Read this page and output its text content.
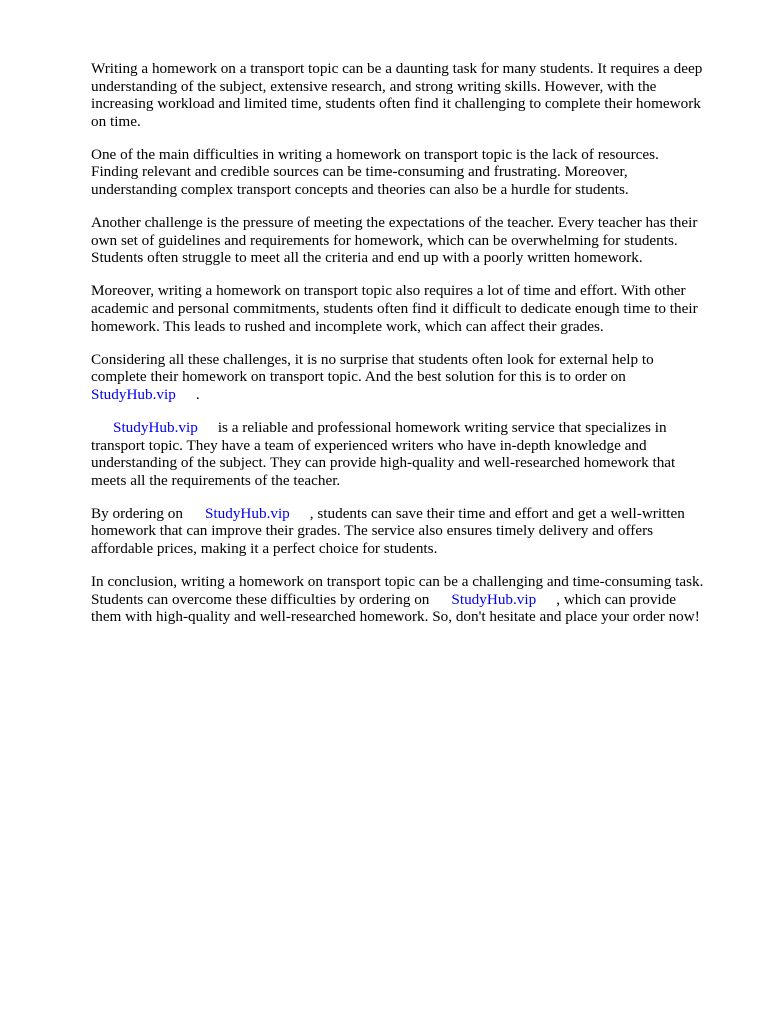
Writing a homework on a transport topic can be a daunting task for many students. It requires a deep
understanding of the subject, extensive research, and strong writing skills. However, with the
increasing workload and limited time, students often find it challenging to complete their homework
on time.

One of the main difficulties in writing a homework on transport topic is the lack of resources.
Finding relevant and credible sources can be time-consuming and frustrating. Moreover,
understanding complex transport concepts and theories can also be a hurdle for students.

Another challenge is the pressure of meeting the expectations of the teacher. Every teacher has their
own set of guidelines and requirements for homework, which can be overwhelming for students.
Students often struggle to meet all the criteria and end up with a poorly written homework.

Moreover, writing a homework on transport topic also requires a lot of time and effort. With other
academic and personal commitments, students often find it difficult to dedicate enough time to their
homework. This leads to rushed and incomplete work, which can affect their grades.

Considering all these challenges, it is no surprise that students often look for external help to
complete their homework on transport topic. And the best solution for this is to order on
StudyHub.vip .

StudyHub.vip is a reliable and professional homework writing service that specializes in
transport topic. They have a team of experienced writers who have in-depth knowledge and
understanding of the subject. They can provide high-quality and well-researched homework that
meets all the requirements of the teacher.

By ordering on StudyHub.vip , students can save their time and effort and get a well-written
homework that can improve their grades. The service also ensures timely delivery and offers
affordable prices, making it a perfect choice for students.

In conclusion, writing a homework on transport topic can be a challenging and time-consuming task.
Students can overcome these difficulties by ordering on StudyHub.vip , which can provide
them with high-quality and well-researched homework. So, don't hesitate and place your order now!
